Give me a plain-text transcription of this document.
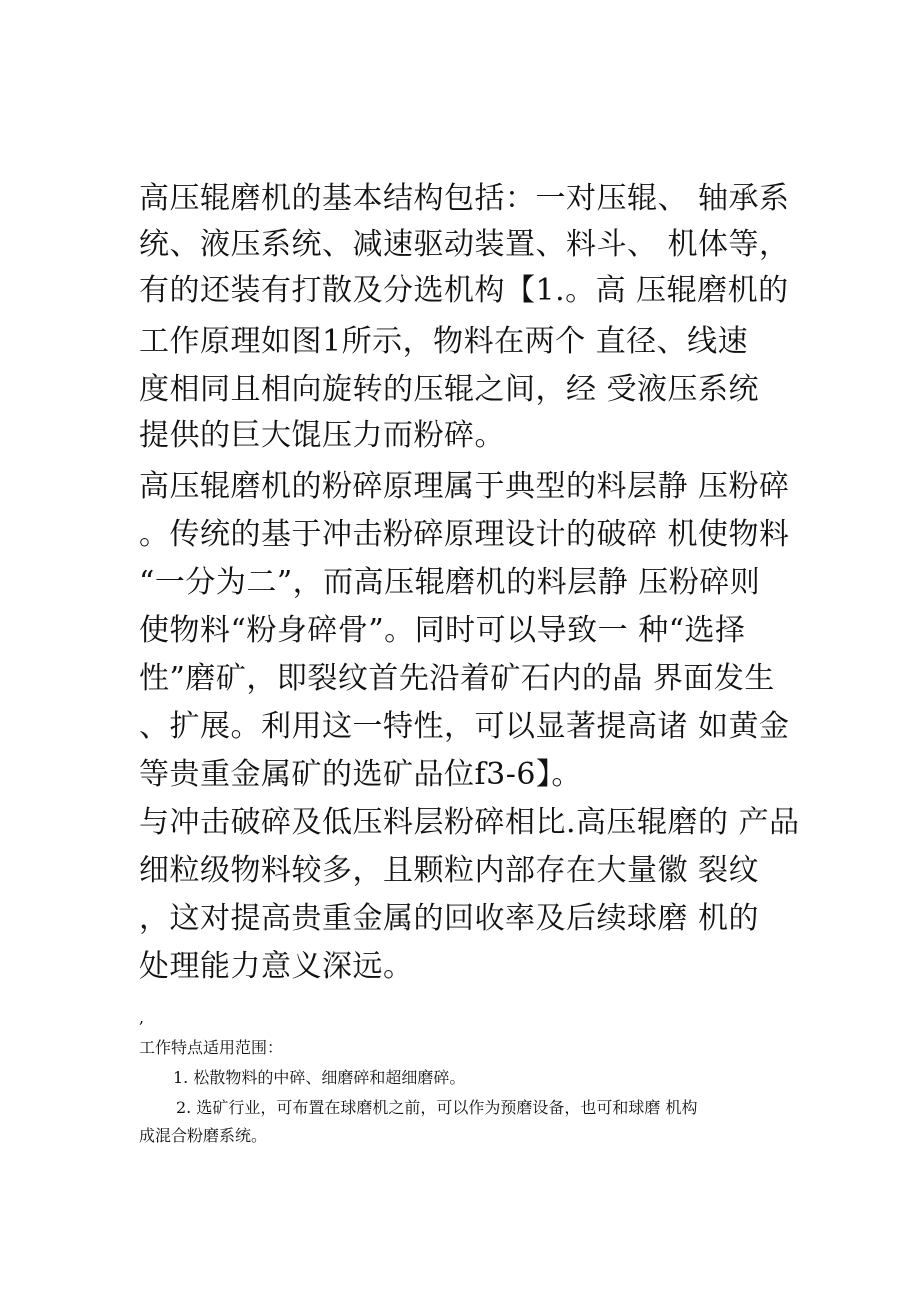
高压辊磨机的基本结构包括：一对压辊、 轴承系

统、液压系统、减速驱动装置、料斗、 机体等，

有的还装有打散及分选机构【1.。高 压辊磨机的

工作原理如图1所示，物料在两个 直径、线速

度相同且相向旋转的压辊之间，经 受液压系统

提供的巨大馄压力而粉碎。

高压辊磨机的粉碎原理属于典型的料层静 压粉碎

。传统的基于冲击粉碎原理设计的破碎 机使物料

“一分为二”，而高压辊磨机的料层静 压粉碎则

使物料“粉身碎骨”。同时可以导致一 种“选择

性”磨矿，即裂纹首先沿着矿石内的晶 界面发生

、扩展。利用这一特性，可以显著提高诸 如黄金

等贵重金属矿的选矿品位f3-6】。

与冲击破碎及低压料层粉碎相比.高压辊磨的 产品

细粒级物料较多，且颗粒内部存在大量徽 裂纹

，这对提高贵重金属的回收率及后续球磨 机的

处理能力意义深远。

,

工作特点适用范围：

1. 松散物料的中碎、细磨碎和超细磨碎。

2. 选矿行业，可布置在球磨机之前，可以作为预磨设备，也可和球磨 机构

成混合粉磨系统。
